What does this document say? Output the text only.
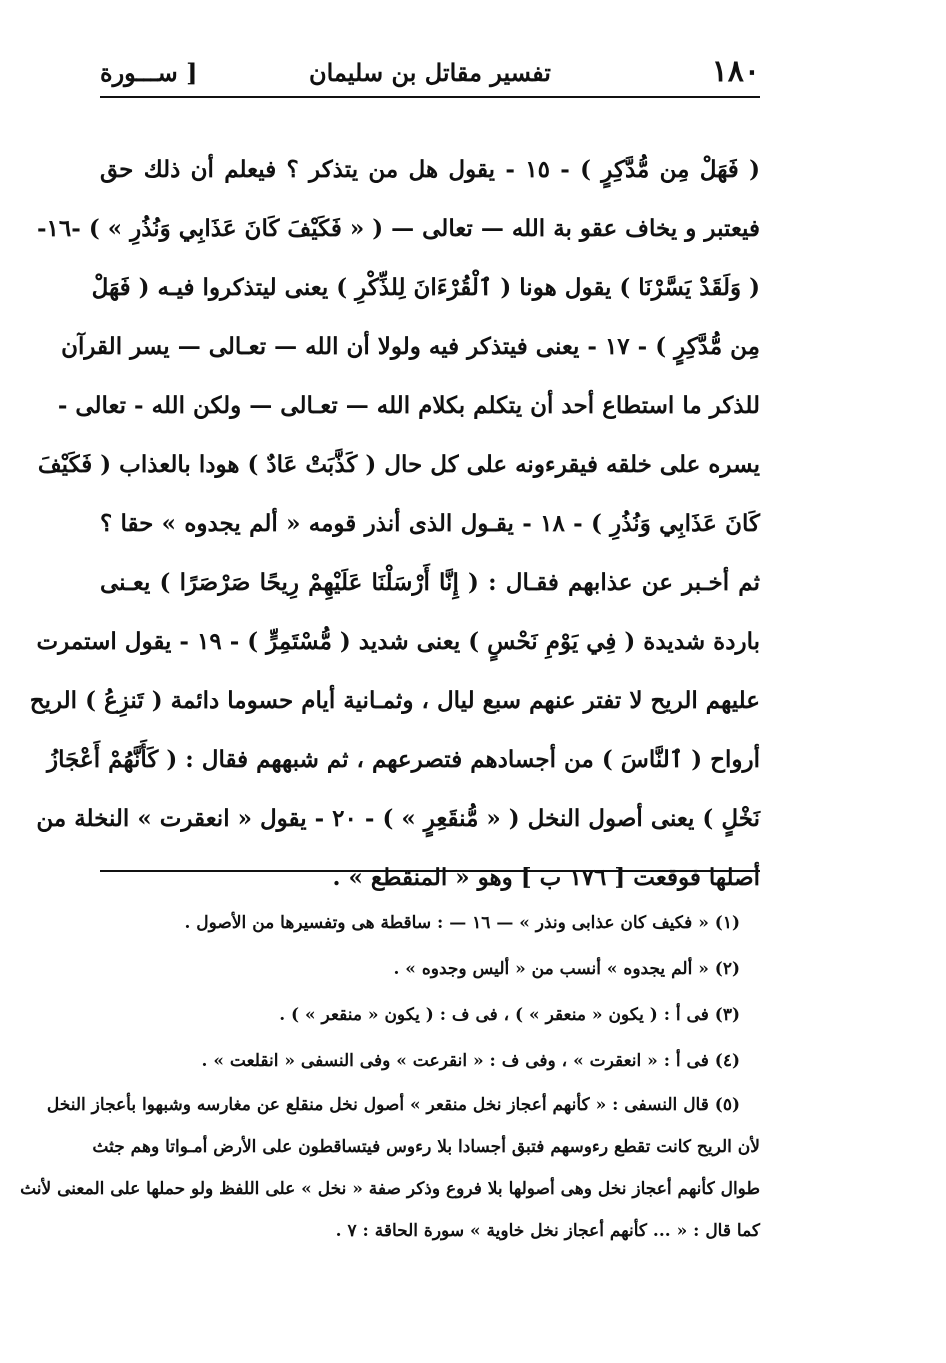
١٨٠
تفسير مقاتل بن سليمان
[ ســـورة
( فَهَلْ مِن مُّدَّكِرٍ ) - ١٥ - يقول هل من يتذكر ؟ فيعلم أن ذلك حق
فيعتبر و يخاف عقو بة الله — تعالى — ( « فَكَيْفَ كَانَ عَذَابِي وَنُذُرِ » ) -١٦-
( وَلَقَدْ يَسَّرْنَا ) يقول هونا ( ٱلْقُرْءَانَ لِلذِّكْرِ ) يعنى ليتذكروا فيـه ( فَهَلْ
مِن مُّدَّكِرٍ ) - ١٧ - يعنى فيتذكر فيه ولولا أن الله — تعـالى — يسر القرآن
للذكر ما استطاع أحد أن يتكلم بكلام الله — تعـالى — ولكن الله - تعالى -
يسره على خلقه فيقرءونه على كل حال ( كَذَّبَتْ عَادٌ ) هودا بالعذاب ( فَكَيْفَ
كَانَ عَذَابِي وَنُذُرِ ) - ١٨ - يقـول الذى أنذر قومه « ألم يجدوه » حقا ؟
ثم أخـبر عن عذابهم فقـال : ( إِنَّا أَرْسَلْنَا عَلَيْهِمْ رِيحًا صَرْصَرًا ) يعـنى
باردة شديدة ( فِي يَوْمِ نَحْسٍ ) يعنى شديد ( مُّسْتَمِرٍّ ) - ١٩ - يقول استمرت
عليهم الريح لا تفتر عنهم سبع ليال ، وثمـانية أيام حسوما دائمة ( تَنزِعُ ) الريح
أرواح ( ٱلنَّاسَ ) من أجسادهم فتصرعهم ، ثم شبههم فقال : ( كَأَنَّهُمْ أَعْجَازُ
نَخْلٍ ) يعنى أصول النخل ( « مُّنقَعِرٍ » ) - ٢٠ - يقول « انعقرت » النخلة من
أصلها فوقعت [ ١٧٦ ب ] وهو « المنقطع » .
(١) « فكيف كان عذابى ونذر » — ١٦ — : ساقطة هى وتفسيرها من الأصول .
(٢) « ألم يجدوه » أنسب من « أليس وجدوه » .
(٣) فى أ : ( يكون « منعقر » ) ، فى ف : ( يكون « منقعر » ) .
(٤) فى أ : « انعقرت » ، وفى ف : « انقرعت » وفى النسفى « انقلعت » .
(٥) قال النسفى : « كأنهم أعجاز نخل منقعر » أصول نخل منقلع عن مغارسه وشبهوا بأعجاز النخل
لأن الريح كانت تقطع رءوسهم فتبق أجسادا بلا رءوس فيتساقطون على الأرض أمـواتا وهم جثث
طوال كأنهم أعجاز نخل وهى أصولها بلا فروع وذكر صفة « نخل » على اللفظ ولو حملها على المعنى لأنث
كما قال : « ... كأنهم أعجاز نخل خاوية » سورة الحاقة : ٧ .
